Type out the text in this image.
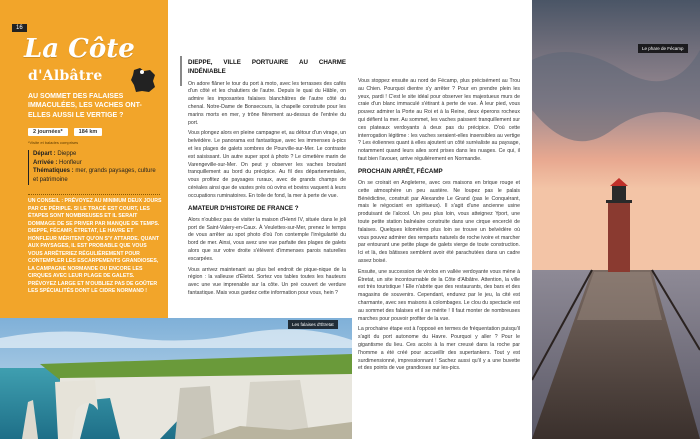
16
La Côte
d'Albâtre
AU SOMMET DES FALAISES IMMACULÉES, LES VACHES ONT-ELLES AUSSI LE VERTIGE ?
2 journées*	184 km
*Visite et balades comprises
Départ : Dieppe
Arrivée : Honfleur
Thématiques : mer, grands paysages, culture et patrimoine
UN CONSEIL : PRÉVOYEZ AU MINIMUM DEUX JOURS PAR CE PÉRIPLE. SI LE TRACÉ EST COURT, LES ÉTAPES SONT NOMBREUSES ET IL SERAIT DOMMAGE DE SE PRIVER PAR MANQUE DE TEMPS. DIEPPE, FÉCAMP, ÉTRETAT, LE HAVRE ET HONFLEUR MÉRITENT QU'ON S'Y ATTARDE. QUANT AUX PAYSAGES, IL EST PROBABLE QUE VOUS VOUS ARRÊTERIEZ RÉGULIÈREMENT POUR CONTEMPLER LES ESCARPEMENTS GRANDIOSES, LA CAMPAGNE NORMANDE OU ENCORE LES CIRQUES AVEC LEUR PLAGE DE GALETS. PRÉVOYEZ LARGE ET N'OUBLIEZ PAS DE GOÛTER LES SPÉCIALITÉS DONT LE CIDRE NORMAND !
DIEPPE, VILLE PORTUAIRE AU CHARME INDÉNIABLE

On adore flâner le tour du port à moto, avec les terrasses des cafés d'un côté et les chalutiers de l'autre. Depuis le quai du Hâble, on admire les imposantes falaises blanchâtres de l'autre côté du chenal. Notre-Dame de Bonsecours, la chapelle construite pour les marins morts en mer, y trône fièrement au-dessus de l'entrée du port.

Vous plongez alors en pleine campagne et, au détour d'un virage, un belvédère. Le panorama est fantastique, avec les immenses à-pics et les plages de galets sombres de Pourville-sur-Mer. Le contraste est saisissant. Un autre super spot à photo ? Le cimetière marin de Varengeville-sur-Mer. On peut y observer les vaches broutant tranquillement au bord du précipice. Au fil des départementales, vous profitez de paysages ruraux, avec de grands champs de céréales ainsi que de vastes prés où ovins et bovins vaquent à leurs occupations ruminatoires. En toile de fond, la mer à perte de vue.

AMATEUR D'HISTOIRE DE FRANCE ?

Alors n'oubliez pas de visiter la maison d'Henri IV, située dans le joli port de Saint-Valery-en-Caux. À Veulettes-sur-Mer, prenez le temps de vous arrêter au spot photo d'où l'on contemple l'irrégularité du bord de mer. Ainsi, vous avez une vue parfaite des plages de galets alors que sur votre droite s'élèvent d'immenses parois naturelles escarpées.

Vous arrivez maintenant au plus bel endroit de pique-nique de la région : la valleuse d'Életot. Sortez vos tables toutes les hauteurs avec une vue imprenable sur la côte. Un pré couvert de verdure fantastique. Mais vous gardez cette information pour vous, hein ?

Vous stoppez ensuite au nord de Fécamp, plus précisément au Trou au Chien. Pourquoi dientre s'y arrêter ? Pour en prendre plein les yeux, pardi ! C'est le site idéal pour observer les majestueux murs de craie d'un blanc immaculé s'étirant à perte de vue. À leur pied, vous pouvez admirer la Porte au Roi et à la Reine, deux éperons rocheux qui défient la mer. Au sommet, les vaches paissent tranquillement sur ces plateaux verdoyants à deux pas du précipice. D'où cette interrogation légitime : les vaches seraient-elles insensibles au vertige ? Les éoliennes quant à elles ajoutent un côté surréaliste au paysage, notamment quand leurs ailes sont prises dans les nuages. Ce qui, il faut bien l'avouer, arrive régulièrement en Normandie.

PROCHAIN ARRÊT, FÉCAMP

On se croirait en Angleterre, avec ces maisons en brique rouge et cette atmosphère un peu austère. Ne loupez pas le palais Bénédictine, construit par Alexandre Le Grand (pas le Conquérant, mais le négociant en spiritueux). Il s'agit d'une ancienne usine produisant de l'alcool. Un peu plus loin, vous atteignez Yport, une toute petite station balnéaire construite dans une cirque encerclé de falaises. Quelques kilomètres plus loin se trouve un belvédère où vous pouvez admirer des remparts naturels de roche ivoire et marcher par entourant une petite plage de galets vierge de toute construction. Ici et là, des bâtisses semblent avoir été parachutées dans un cadre assez boisé.

Ensuite, une succession de virolos en vallée verdoyante vous mène à Étretat, un site incontournable de la Côte d'Albâtre. Attention, la ville est très touristique ! Elle n'abrite que des restaurants, des bars et des magasins de souvenirs. Cependant, endurez par le jeu, la cité est charmante, avec ses maisons à colombages. Le clou du spectacle est au sommet des falaises et il se mérite ! Il faut monter de nombreuses marches pour pouvoir profiter de la vue.

La prochaine étape est à l'opposé en termes de fréquentation puisqu'il s'agit du port autonome du Havre. Pourquoi y aller ? Pour le gigantisme du lieu. Ces accès à la mer creusé dans la roche par l'homme a été créé pour accueillir des supertankers. Tout y est surdimensionné, impressionnant ! Sachez aussi qu'il y a une buvette et des points de vue grandioses sur les-pics.

Les falaises d'Étretat
Le phare de Fécamp
